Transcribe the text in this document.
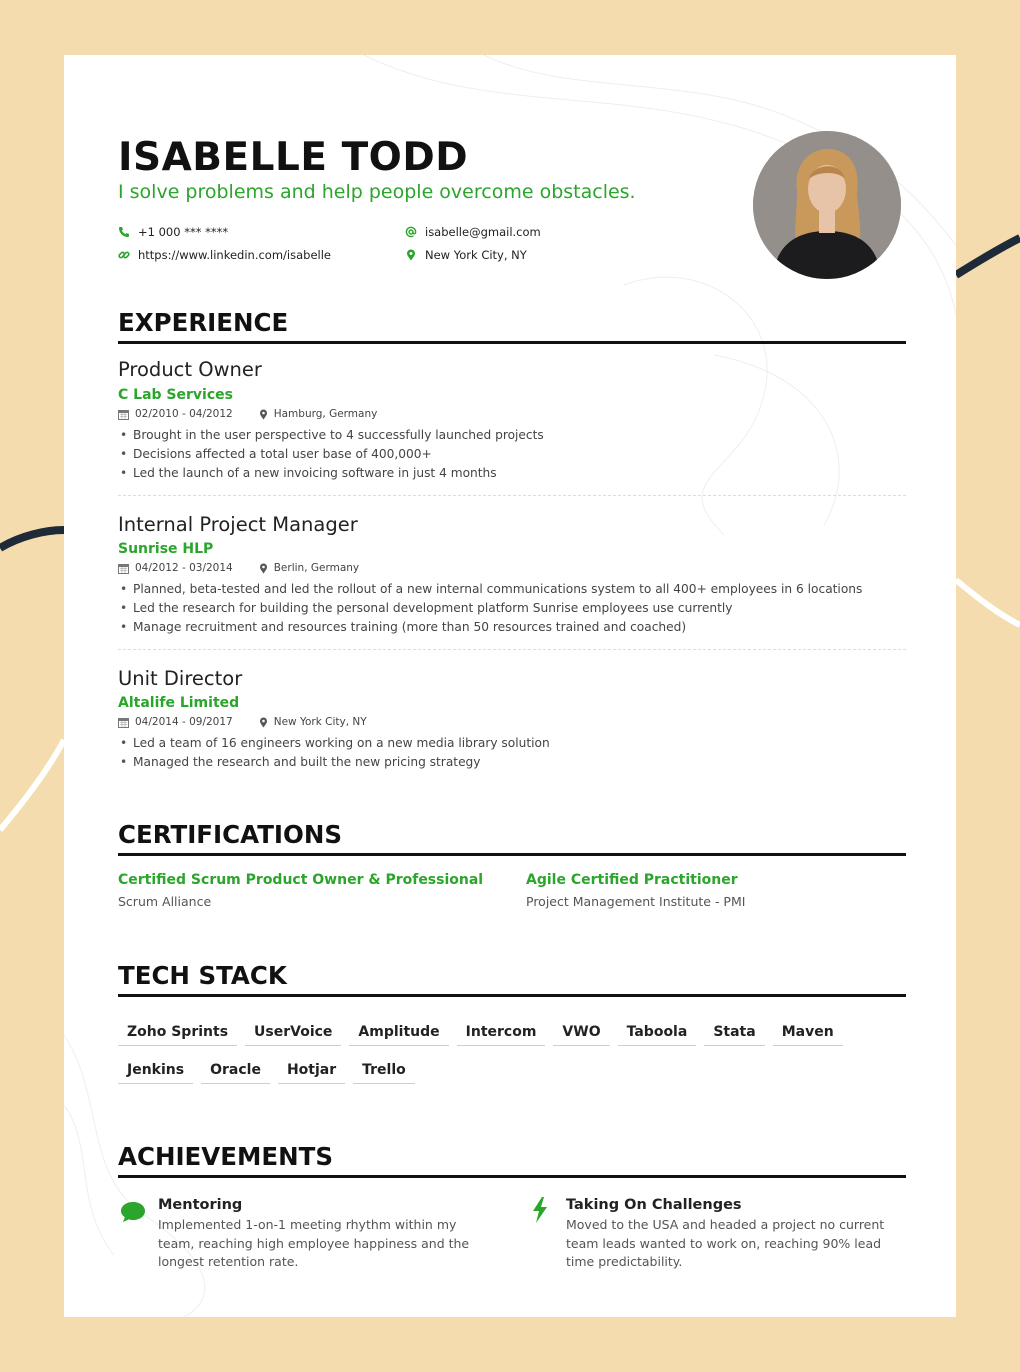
ISABELLE TODD
I solve problems and help people overcome obstacles.
+1 000 *** ****
https://www.linkedin.com/isabelle
isabelle@gmail.com
New York City, NY
EXPERIENCE
Product Owner
C Lab Services
02/2010 - 04/2012	Hamburg, Germany
• Brought in the user perspective to 4 successfully launched projects
• Decisions affected a total user base of 400,000+
• Led the launch of a new invoicing software in just 4 months
Internal Project Manager
Sunrise HLP
04/2012 - 03/2014	Berlin, Germany
• Planned, beta-tested and led the rollout of a new internal communications system to all 400+ employees in 6 locations
• Led the research for building the personal development platform Sunrise employees use currently
• Manage recruitment and resources training (more than 50 resources trained and coached)
Unit Director
Altalife Limited
04/2014 - 09/2017	New York City, NY
• Led a team of 16 engineers working on a new media library solution
• Managed the research and built the new pricing strategy
CERTIFICATIONS
Certified Scrum Product Owner & Professional
Scrum Alliance
Agile Certified Practitioner
Project Management Institute - PMI
TECH STACK
Zoho Sprints	UserVoice	Amplitude	Intercom	VWO	Taboola	Stata	Maven
Jenkins	Oracle	Hotjar	Trello
ACHIEVEMENTS
Mentoring
Implemented 1-on-1 meeting rhythm within my team, reaching high employee happiness and the longest retention rate.
Taking On Challenges
Moved to the USA and headed a project no current team leads wanted to work on, reaching 90% lead time predictability.
